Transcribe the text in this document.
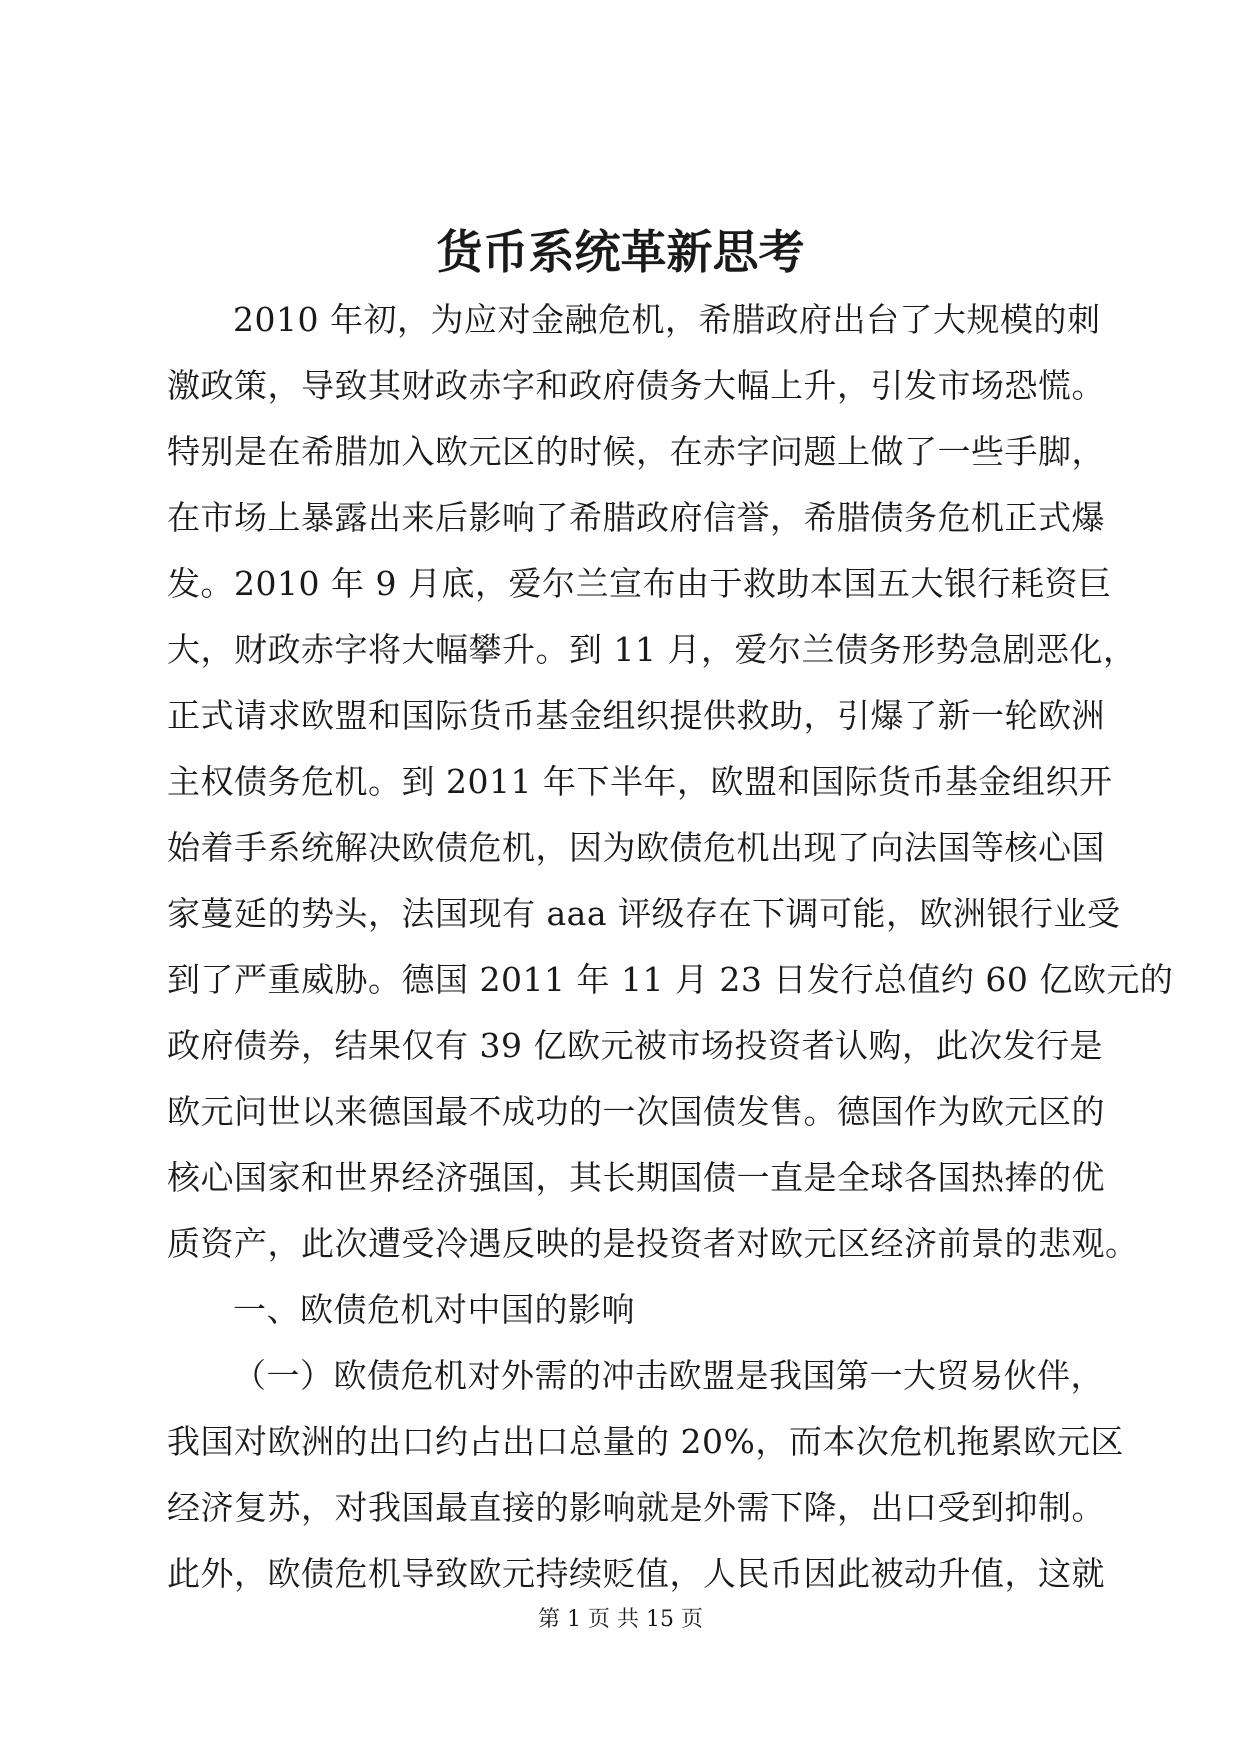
货币系统革新思考
2010 年初，为应对金融危机，希腊政府出台了大规模的刺
激政策，导致其财政赤字和政府债务大幅上升，引发市场恐慌。
特别是在希腊加入欧元区的时候，在赤字问题上做了一些手脚，
在市场上暴露出来后影响了希腊政府信誉，希腊债务危机正式爆
发。2010 年 9 月底，爱尔兰宣布由于救助本国五大银行耗资巨
大，财政赤字将大幅攀升。到 11 月，爱尔兰债务形势急剧恶化，
正式请求欧盟和国际货币基金组织提供救助，引爆了新一轮欧洲
主权债务危机。到 2011 年下半年，欧盟和国际货币基金组织开
始着手系统解决欧债危机，因为欧债危机出现了向法国等核心国
家蔓延的势头，法国现有 aaa 评级存在下调可能，欧洲银行业受
到了严重威胁。德国 2011 年 11 月 23 日发行总值约 60 亿欧元的
政府债券，结果仅有 39 亿欧元被市场投资者认购，此次发行是
欧元问世以来德国最不成功的一次国债发售。德国作为欧元区的
核心国家和世界经济强国，其长期国债一直是全球各国热捧的优
质资产，此次遭受冷遇反映的是投资者对欧元区经济前景的悲观。
一、欧债危机对中国的影响
（一）欧债危机对外需的冲击欧盟是我国第一大贸易伙伴，
我国对欧洲的出口约占出口总量的 20%，而本次危机拖累欧元区
经济复苏，对我国最直接的影响就是外需下降，出口受到抑制。
此外，欧债危机导致欧元持续贬值，人民币因此被动升值，这就
第 1 页 共 15 页
